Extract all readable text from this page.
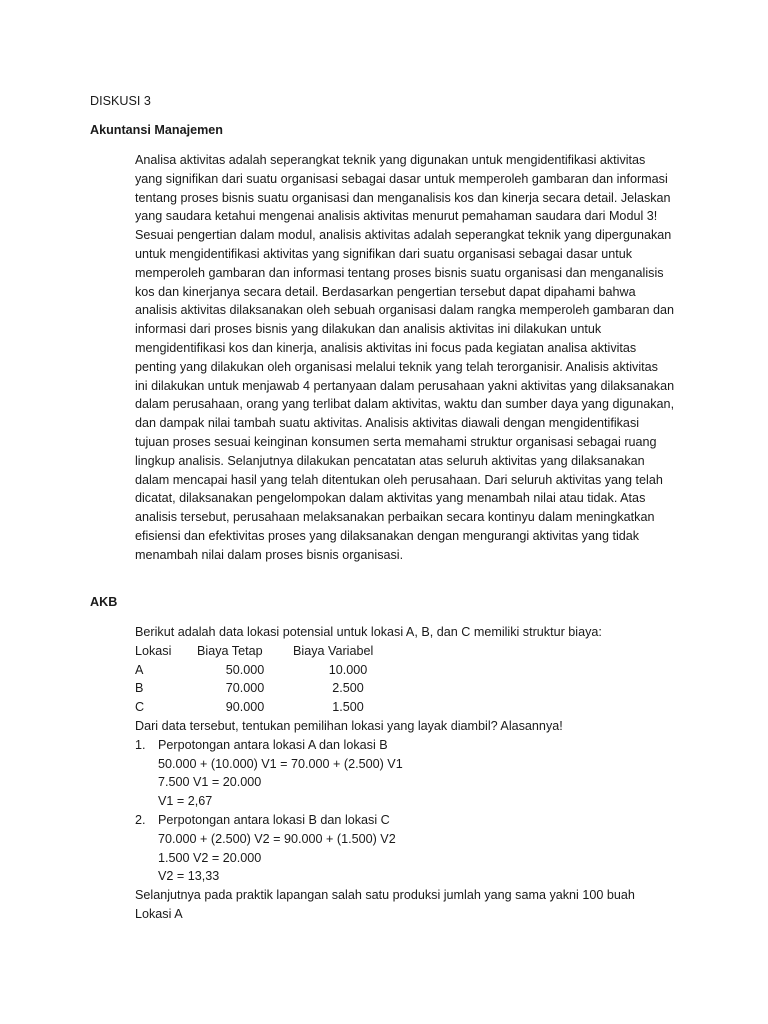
DISKUSI 3
Akuntansi Manajemen
Analisa aktivitas adalah seperangkat teknik yang digunakan untuk mengidentifikasi aktivitas
yang signifikan dari suatu organisasi sebagai dasar untuk memperoleh gambaran dan informasi
tentang proses bisnis suatu organisasi dan menganalisis kos dan kinerja secara detail. Jelaskan
yang saudara ketahui mengenai analisis aktivitas menurut pemahaman saudara dari Modul 3!
Sesuai pengertian dalam modul, analisis aktivitas adalah seperangkat teknik yang dipergunakan
untuk mengidentifikasi aktivitas yang signifikan dari suatu organisasi sebagai dasar untuk
memperoleh gambaran dan informasi tentang proses bisnis suatu organisasi dan menganalisis
kos dan kinerjanya secara detail. Berdasarkan pengertian tersebut dapat dipahami bahwa
analisis aktivitas dilaksanakan oleh sebuah organisasi dalam rangka memperoleh gambaran dan
informasi dari proses bisnis yang dilakukan dan analisis aktivitas ini dilakukan untuk
mengidentifikasi kos dan kinerja, analisis aktivitas ini focus pada kegiatan analisa aktivitas
penting yang dilakukan oleh organisasi melalui teknik yang telah terorganisir. Analisis aktivitas
ini dilakukan untuk menjawab 4 pertanyaan dalam perusahaan yakni aktivitas yang dilaksanakan
dalam perusahaan, orang yang terlibat dalam aktivitas, waktu dan sumber daya yang digunakan,
dan dampak nilai tambah suatu aktivitas. Analisis aktivitas diawali dengan mengidentifikasi
tujuan proses sesuai keinginan konsumen serta memahami struktur organisasi sebagai ruang
lingkup analisis. Selanjutnya dilakukan pencatatan atas seluruh aktivitas yang dilaksanakan
dalam mencapai hasil yang telah ditentukan oleh perusahaan. Dari seluruh aktivitas yang telah
dicatat, dilaksanakan pengelompokan dalam aktivitas yang menambah nilai atau tidak. Atas
analisis tersebut, perusahaan melaksanakan perbaikan secara kontinyu dalam meningkatkan
efisiensi dan efektivitas proses yang dilaksanakan dengan mengurangi aktivitas yang tidak
menambah nilai dalam proses bisnis organisasi.
AKB
Berikut adalah data lokasi potensial untuk lokasi A, B, dan C memiliki struktur biaya:
Lokasi	Biaya Tetap	Biaya Variabel
A	50.000	10.000
B	70.000	2.500
C	90.000	1.500
Dari data tersebut, tentukan pemilihan lokasi yang layak diambil? Alasannya!
1. Perpotongan antara lokasi A dan lokasi B
50.000 + (10.000) V1 = 70.000 + (2.500) V1
7.500 V1 = 20.000
V1 = 2,67
2. Perpotongan antara lokasi B dan lokasi C
70.000 + (2.500) V2 = 90.000 + (1.500) V2
1.500 V2 = 20.000
V2 = 13,33
Selanjutnya pada praktik lapangan salah satu produksi jumlah yang sama yakni 100 buah
Lokasi A
